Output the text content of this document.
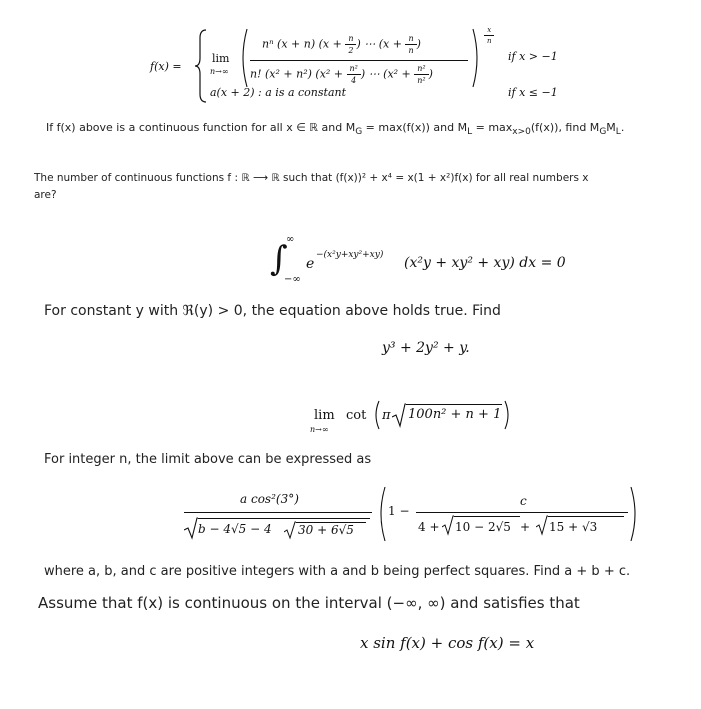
f(x) =
lim
n→∞
nⁿ (x + n) ($x + \frac{n}{2}$ ) ⋯ ($x + \frac{n}{n}$ )
n! (x² + n²) ($x^2 + \frac{\text{n²}}{4}$ ) ⋯ ($x^2 + \frac{\text{n²}}{\text{n²}}$ )
$\frac{x}{n}$
if x > −1
a(x + 2) : a is a constant	if x ≤ −1
If f(x) above is a continuous function for all x ∈ ℝ and $M_G = \max(f(x))$ and $M_L = \max_{x>0}(f(x))$, find $M_GM_L$.
The number of continuous functions f : ℝ ⟶ ℝ such that (f(x))² + x⁴ = x(1 + x²)f(x) for all real numbers x
are?
∫
∞
−∞
e
−(x²y+xy²+xy) (x²y + xy² + xy) dx = 0
For constant y with ℜ(y) > 0, the equation above holds true. Find
y³ + 2y² + y.
lim
n→∞
cot π 100n² + n + 1
For integer n, the limit above can be expressed as
a cos²(3°)
b − 4√5 − 4 30 + 6√5
1 −
c
4 + 10 − 2√5 + 15 + √3
where a, b, and c are positive integers with a and b being perfect squares. Find a + b + c.
Assume that f(x) is continuous on the interval (−∞, ∞) and satisfies that
x sin f(x) + cos f(x) = x
